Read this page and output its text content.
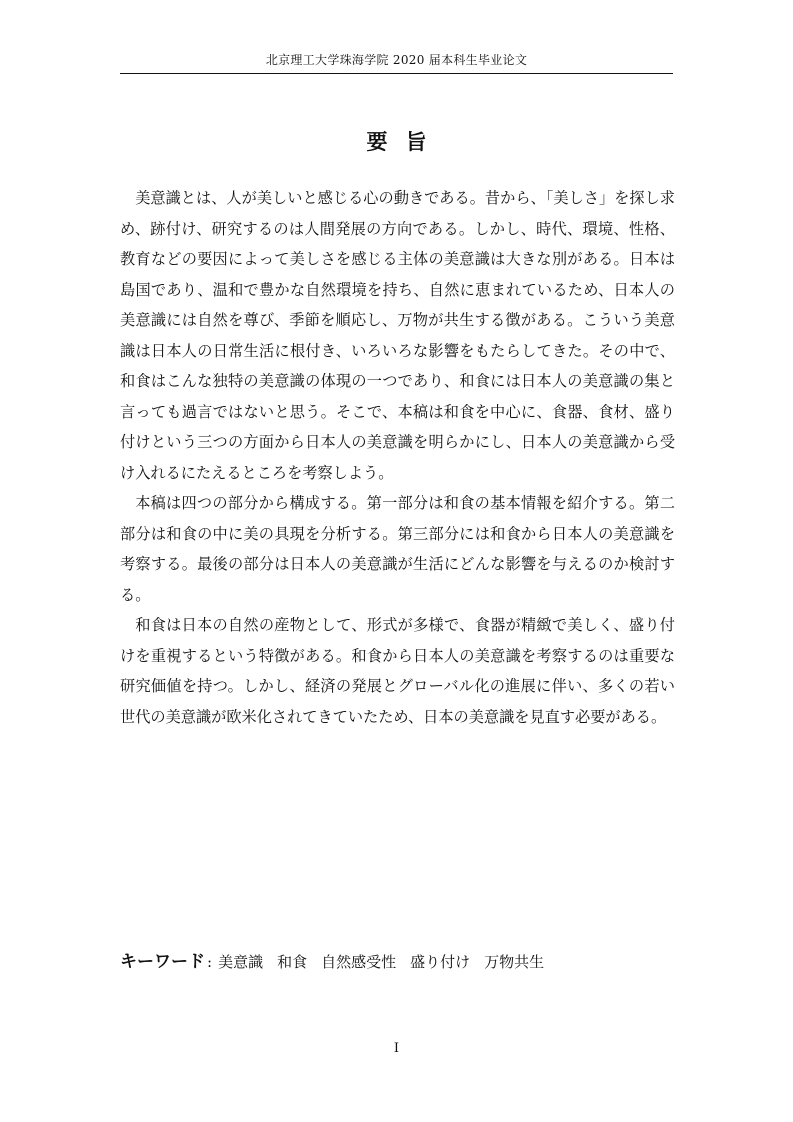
北京理工大学珠海学院 2020 届本科生毕业论文
要旨

美意識とは、人が美しいと感じる心の動きである。昔から、「美しさ」を探し求め、跡付け、研究するのは人間発展の方向である。しかし、時代、環境、性格、教育などの要因によって美しさを感じる主体の美意識は大きな別がある。日本は島国であり、温和で豊かな自然環境を持ち、自然に恵まれているため、日本人の美意識には自然を尊び、季節を順応し、万物が共生する徴がある。こういう美意識は日本人の日常生活に根付き、いろいろな影響をもたらしてきた。その中で、和食はこんな独特の美意識の体現の一つであり、和食には日本人の美意識の集と言っても過言ではないと思う。そこで、本稿は和食を中心に、食器、食材、盛り付けという三つの方面から日本人の美意識を明らかにし、日本人の美意識から受け入れるにたえるところを考察しよう。

本稿は四つの部分から構成する。第一部分は和食の基本情報を紹介する。第二部分は和食の中に美の具現を分析する。第三部分には和食から日本人の美意識を考察する。最後の部分は日本人の美意識が生活にどんな影響を与えるのか検討する。

和食は日本の自然の産物として、形式が多様で、食器が精緻で美しく、盛り付けを重視するという特徴がある。和食から日本人の美意識を考察するのは重要な研究価値を持つ。しかし、経済の発展とグローバル化の進展に伴い、多くの若い世代の美意識が欧米化されてきていたため、日本の美意識を見直す必要がある。

キーワード : 美意識 和食 自然感受性 盛り付け 万物共生
I
